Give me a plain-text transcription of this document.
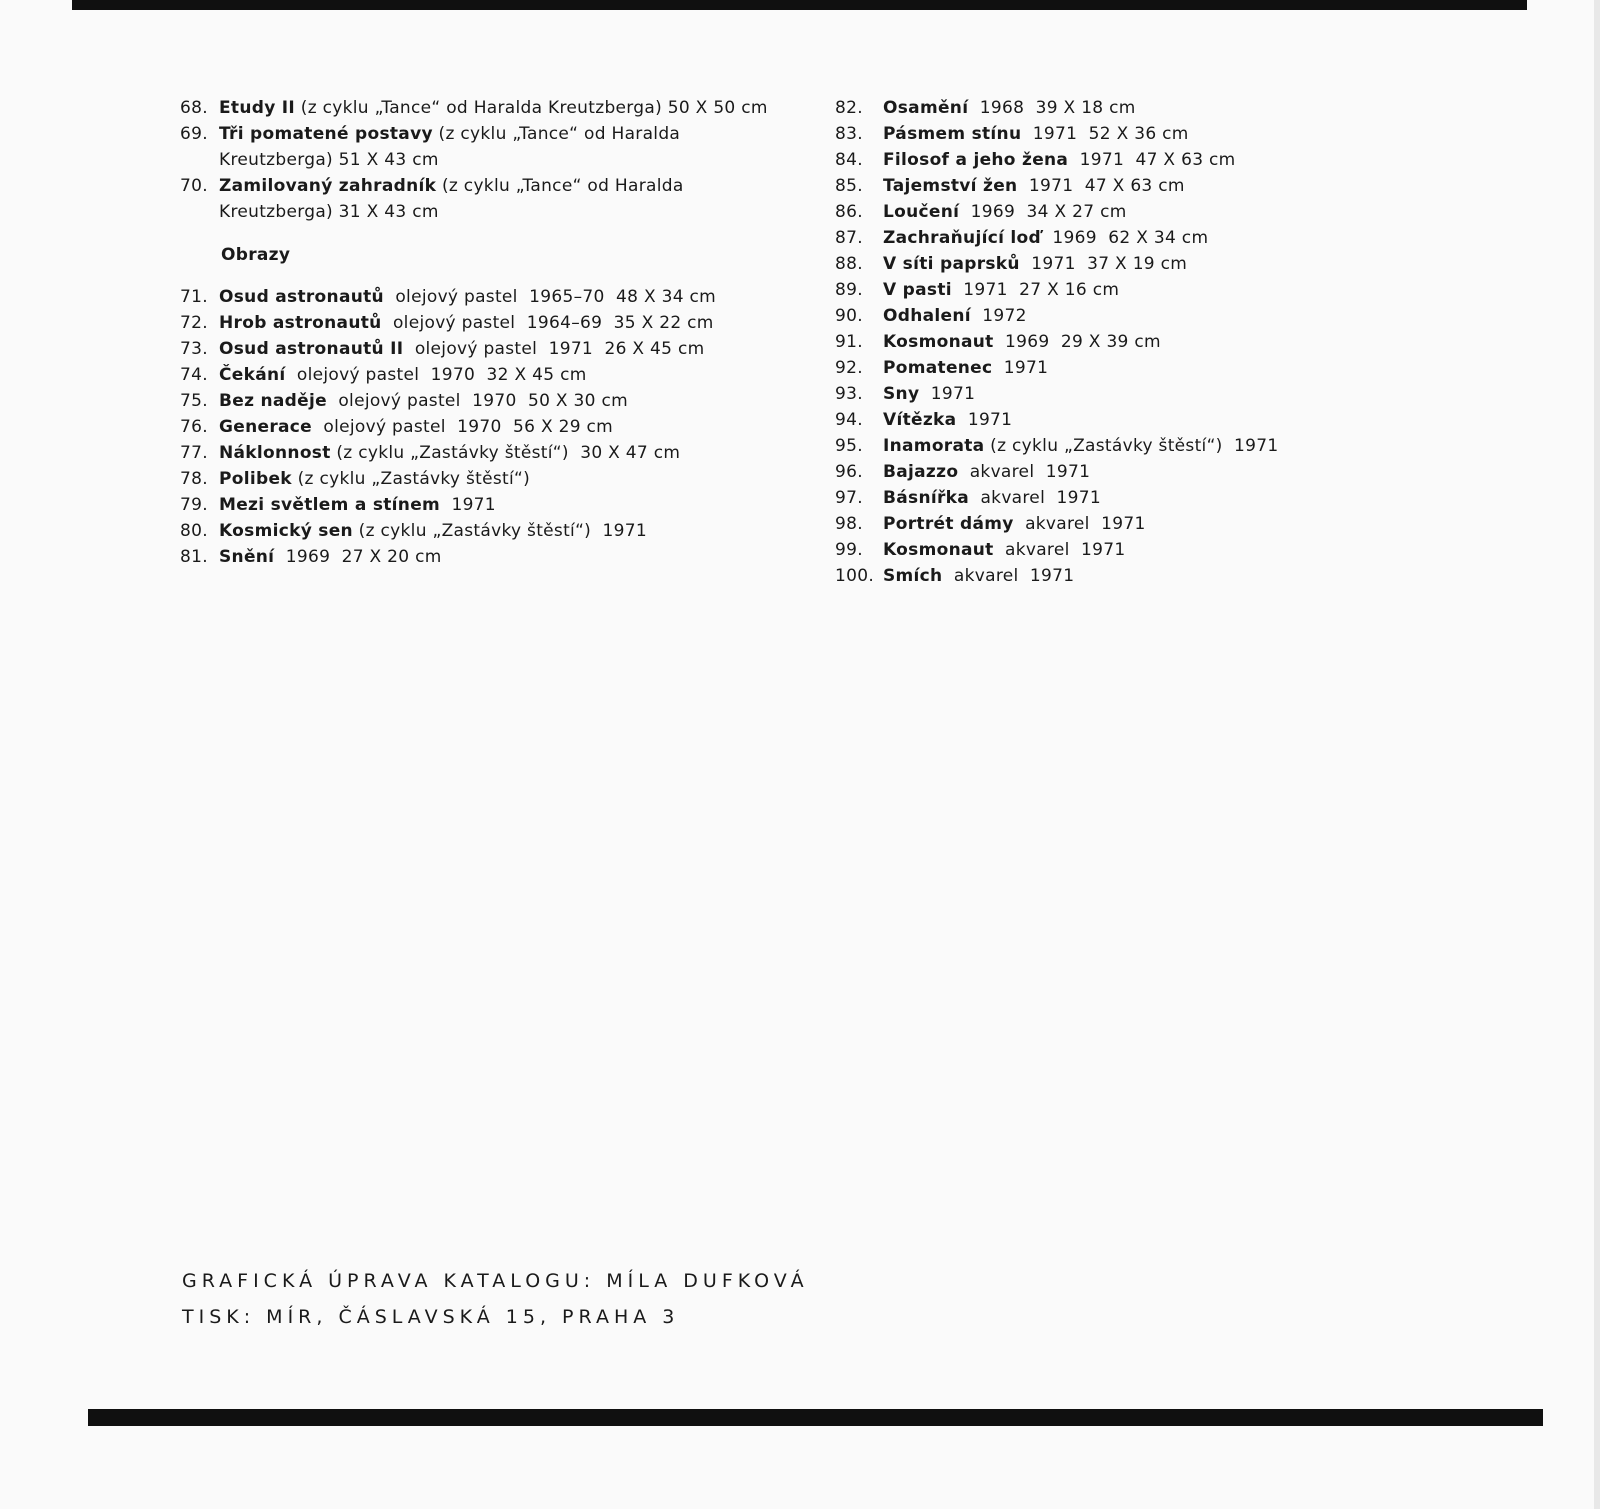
68. Etudy II (z cyklu „Tance“ od Haralda Kreutzberga) 50 X 50 cm
69. Tři pomatené postavy (z cyklu „Tance“ od Haralda Kreutzberga) 51 X 43 cm
70. Zamilovaný zahradník (z cyklu „Tance“ od Haralda Kreutzberga) 31 X 43 cm
Obrazy
71. Osud astronautů  olejový pastel  1965–70  48 X 34 cm
72. Hrob astronautů  olejový pastel  1964–69  35 X 22 cm
73. Osud astronautů II  olejový pastel  1971  26 X 45 cm
74. Čekání  olejový pastel  1970  32 X 45 cm
75. Bez naděje  olejový pastel  1970  50 X 30 cm
76. Generace  olejový pastel  1970  56 X 29 cm
77. Náklonnost (z cyklu „Zastávky štěstí“)  30 X 47 cm
78. Polibek (z cyklu „Zastávky štěstí“)
79. Mezi světlem a stínem  1971
80. Kosmický sen (z cyklu „Zastávky štěstí“)  1971
81. Snění  1969  27 X 20 cm
82.	Osamění  1968  39 X 18 cm
83.	Pásmem stínu  1971  52 X 36 cm
84.	Filosof a jeho žena  1971  47 X 63 cm
85.	Tajemství žen  1971  47 X 63 cm
86.	Loučení  1969  34 X 27 cm
87.	Zachraňující loď  1969  62 X 34 cm
88.	V síti paprsků  1971  37 X 19 cm
89.	V pasti  1971  27 X 16 cm
90.	Odhalení  1972
91.	Kosmonaut  1969  29 X 39 cm
92.	Pomatenec  1971
93.	Sny  1971
94.	Vítězka  1971
95.	Inamorata (z cyklu „Zastávky štěstí“)  1971
96.	Bajazzo  akvarel  1971
97.	Básnířka  akvarel  1971
98.	Portrét dámy  akvarel  1971
99.	Kosmonaut  akvarel  1971
100. Smích  akvarel  1971
GRAFICKÁ ÚPRAVA KATALOGU: MÍLA DUFKOVÁ
TISK: MÍR, ČÁSLAVSKÁ 15, PRAHA 3
